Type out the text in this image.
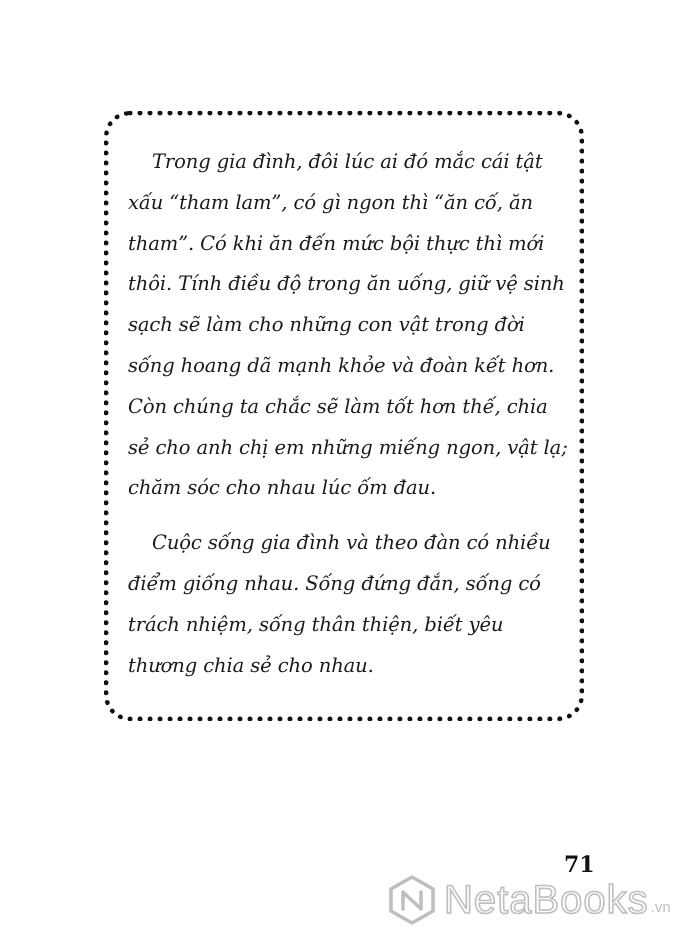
Trong gia đình, đôi lúc ai đó mắc cái tật xấu “tham lam”, có gì ngon thì “ăn cố, ăn tham”. Có khi ăn đến mức bội thực thì mới thôi. Tính điều độ trong ăn uống, giữ vệ sinh sạch sẽ làm cho những con vật trong đời sống hoang dã mạnh khỏe và đoàn kết hơn. Còn chúng ta chắc sẽ làm tốt hơn thế, chia sẻ cho anh chị em những miếng ngon, vật lạ; chăm sóc cho nhau lúc ốm đau.

Cuộc sống gia đình và theo đàn có nhiều điểm giống nhau. Sống đứng đắn, sống có trách nhiệm, sống thân thiện, biết yêu thương chia sẻ cho nhau.

71
NetaBooks .vn
